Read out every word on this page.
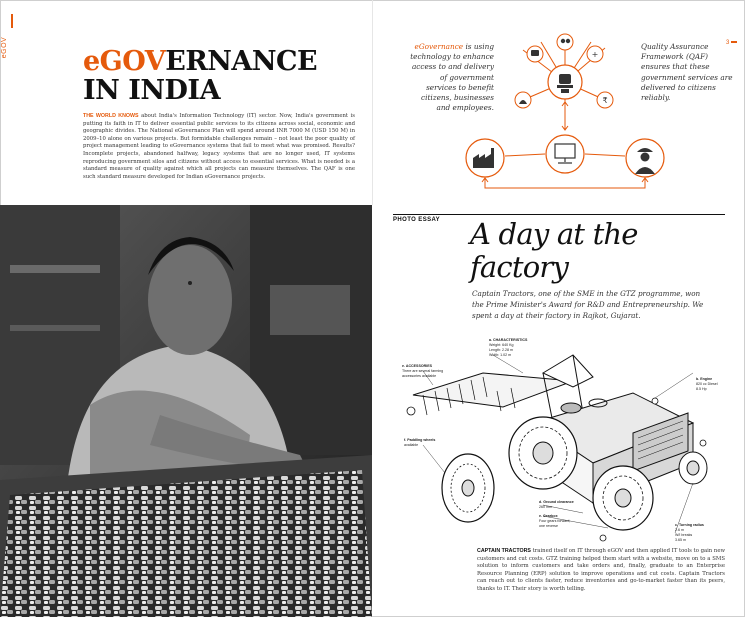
eGOV	eGOVERNANCE
IN INDIA
THE WORLD KNOWS about India's Information Technology (IT) sector. Now, India's government is putting its faith in IT to deliver essential public services to its citizens across social, economic and geographic divides. The National eGovernance Plan will spend around INR 7000 M (USD 150 M) in 2009–10 alone on various projects. But formidable challenges remain – not least the poor quality of project management leading to eGovernance systems that fail to meet what was promised. Results? Incomplete projects, abandoned halfway, legacy systems that are no longer used, IT systems reproducing government silos and citizens without access to essential services. What is needed is a standard measure of quality against which all projects can measure themselves. The QAF is one such standard measure developed for Indian eGovernance projects.
3
eGovernance is using technology to enhance access to and delivery of government services to benefit citizens, businesses and employees.
Quality Assurance Framework (QAF) ensures that these government services are delivered to citizens reliably.
+
₹
PHOTO ESSAY A day at the
factory
Captain Tractors, one of the SME in the GTZ programme, won the Prime Minister's Award for R&D and Entrepreneurship. We spent a day at their factory in Rajkot, Gujarat.
a. CHARACTERISTICS
Weight: 640 Kg
Length: 2.28 m
Width: 1.02 m
e. ACCESSORIES
There are several farming
accessories available
b. Engine
820 cc Diesel
8.5 Hp
f. Paddling wheels
available
d. Ground clearance
260 mm
e. Gearbox
Four gears forward,
one reverse	c. Turning radius
2.6 m
W/I breaks
3.65 m
CAPTAIN TRACTORS trained itself on IT through eGOV and then applied IT tools to gain new customers and cut costs. GTZ training helped them start with a website, move on to a SMS solution to inform customers and take orders and, finally, graduate to an Enterprise Resource Planning (ERP) solution to improve operations and cut costs. Captain Tractors can reach out to clients faster, reduce inventories and go-to-market faster than its peers, thanks to IT. Their story is worth telling.
